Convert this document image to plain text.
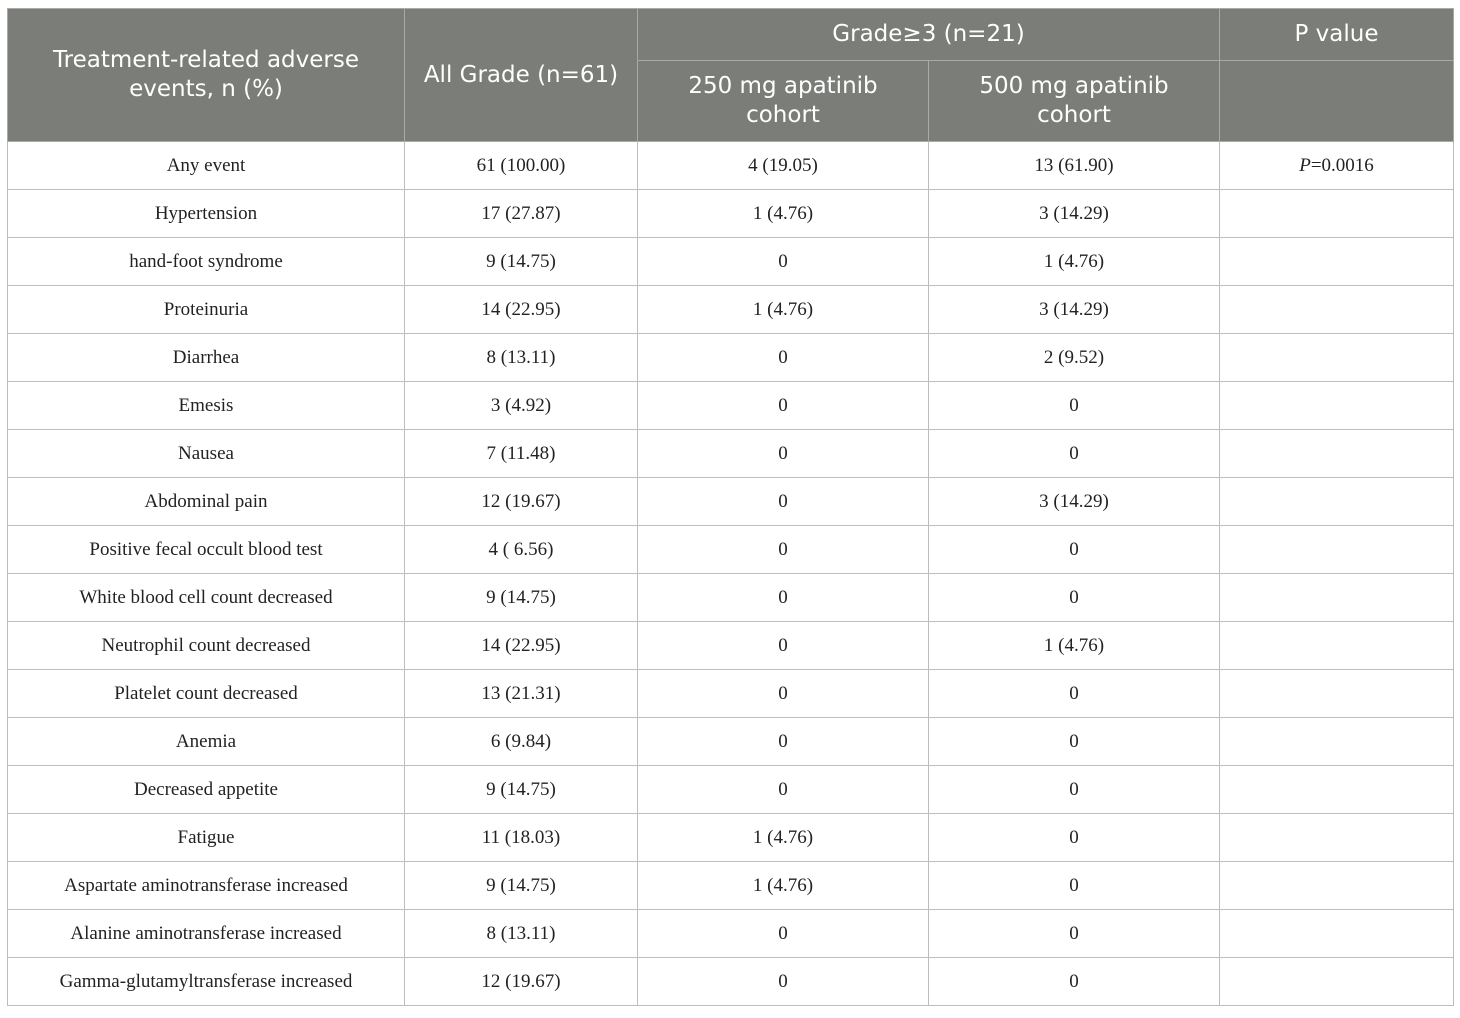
Treatment-related adverse events, n (%)	All Grade (n=61)	Grade≥3 (n=21)		P value
		250 mg apatinib cohort	500 mg apatinib cohort	
Any event	61 (100.00)	4 (19.05)	13 (61.90)	P=0.0016
Hypertension	17 (27.87)	1 (4.76)	3 (14.29)	
hand-foot syndrome	9 (14.75)	0	1 (4.76)	
Proteinuria	14 (22.95)	1 (4.76)	3 (14.29)	
Diarrhea	8 (13.11)	0	2 (9.52)	
Emesis	3 (4.92)	0	0	
Nausea	7 (11.48)	0	0	
Abdominal pain	12 (19.67)	0	3 (14.29)	
Positive fecal occult blood test	4 ( 6.56)	0	0	
White blood cell count decreased	9 (14.75)	0	0	
Neutrophil count decreased	14 (22.95)	0	1 (4.76)	
Platelet count decreased	13 (21.31)	0	0	
Anemia	6 (9.84)	0	0	
Decreased appetite	9 (14.75)	0	0	
Fatigue	11 (18.03)	1 (4.76)	0	
Aspartate aminotransferase increased	9 (14.75)	1 (4.76)	0	
Alanine aminotransferase increased	8 (13.11)	0	0	
Gamma-glutamyltransferase increased	12 (19.67)	0	0	
